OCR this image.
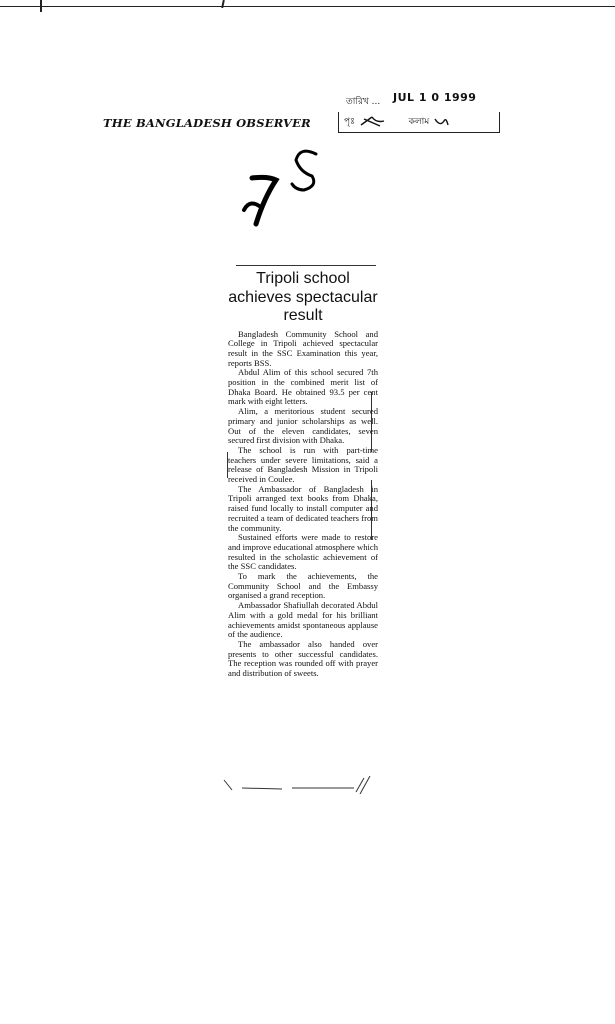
THE BANGLADESH OBSERVER
তারিখ ... JUL 1 0 1999
পৃঃ	কলাম
Tripoli school achieves spectacular result

Bangladesh Community School and College in Tripoli achieved spectacular result in the SSC Examination this year, reports BSS.

Abdul Alim of this school secured 7th position in the combined merit list of Dhaka Board. He obtained 93.5 per cent mark with eight letters.

Alim, a meritorious student secured primary and junior scholarships as well. Out of the eleven candidates, seven secured first division with Dhaka.

The school is run with part-time teachers under severe limitations, said a release of Bangladesh Mission in Tripoli received in Coulee.

The Ambassador of Bangladesh in Tripoli arranged text books from Dhaka, raised fund locally to install computer and recruited a team of dedicated teachers from the community.

Sustained efforts were made to restore and improve educational atmosphere which resulted in the scholastic achievement of the SSC candidates.

To mark the achievements, the Community School and the Embassy organised a grand reception.

Ambassador Shafiullah decorated Abdul Alim with a gold medal for his brilliant achievements amidst spontaneous applause of the audience.

The ambassador also handed over presents to other successful candidates. The reception was rounded off with prayer and distribution of sweets.
